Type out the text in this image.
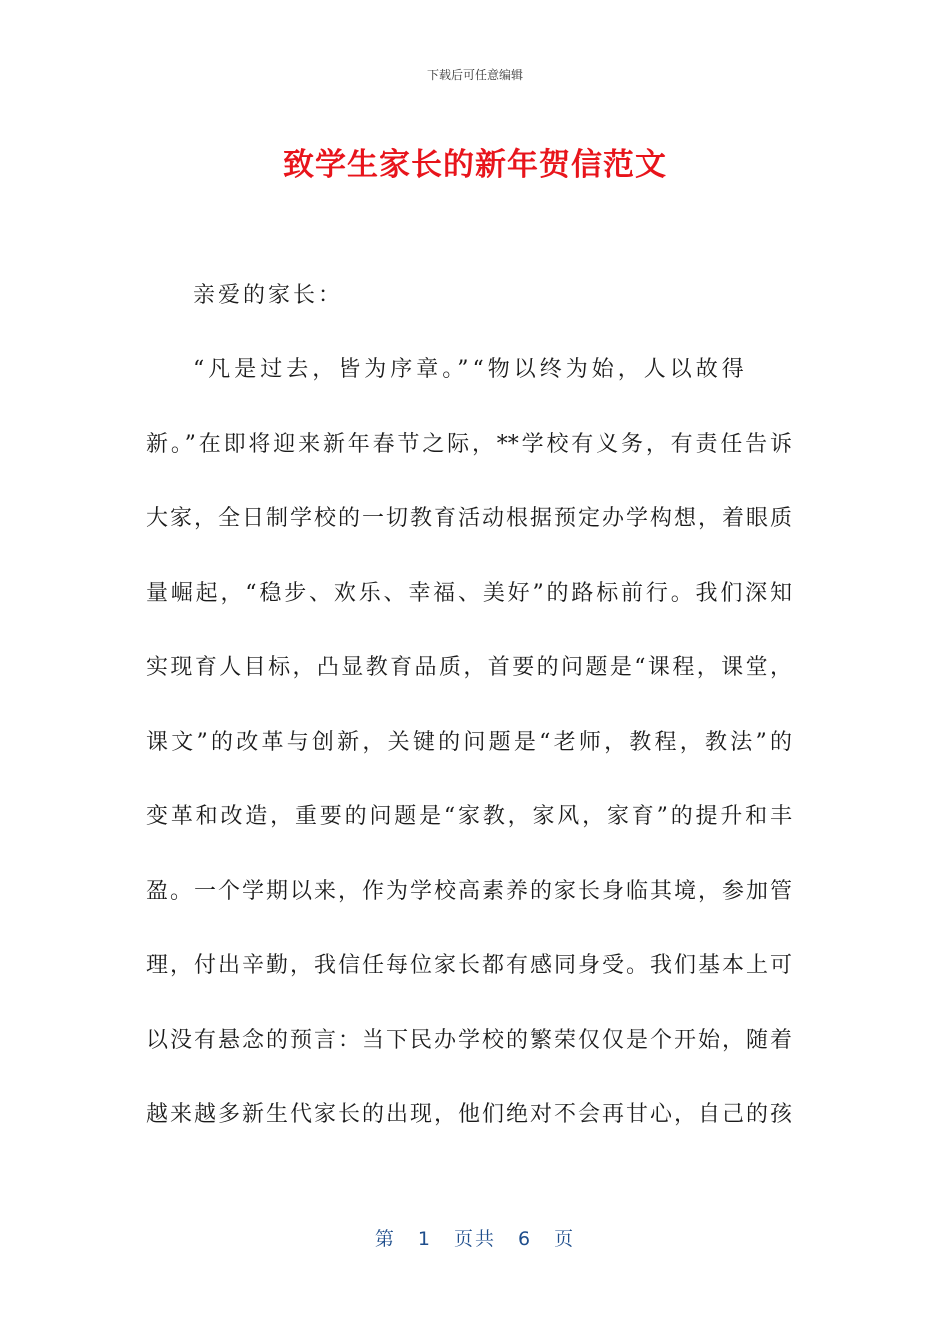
下载后可任意编辑
致学生家长的新年贺信范文
亲爱的家长：
“凡是过去，皆为序章。”“物以终为始，人以故得
新。”在即将迎来新年春节之际，**学校有义务，有责任告诉
大家，全日制学校的一切教育活动根据预定办学构想，着眼质
量崛起，“稳步、欢乐、幸福、美好”的路标前行。我们深知
实现育人目标，凸显教育品质，首要的问题是“课程，课堂，
课文”的改革与创新，关键的问题是“老师，教程，教法”的
变革和改造，重要的问题是“家教，家风，家育”的提升和丰
盈。一个学期以来，作为学校高素养的家长身临其境，参加管
理，付出辛勤，我信任每位家长都有感同身受。我们基本上可
以没有悬念的预言：当下民办学校的繁荣仅仅是个开始，随着
越来越多新生代家长的出现，他们绝对不会再甘心，自己的孩
第 1 页共 6 页
